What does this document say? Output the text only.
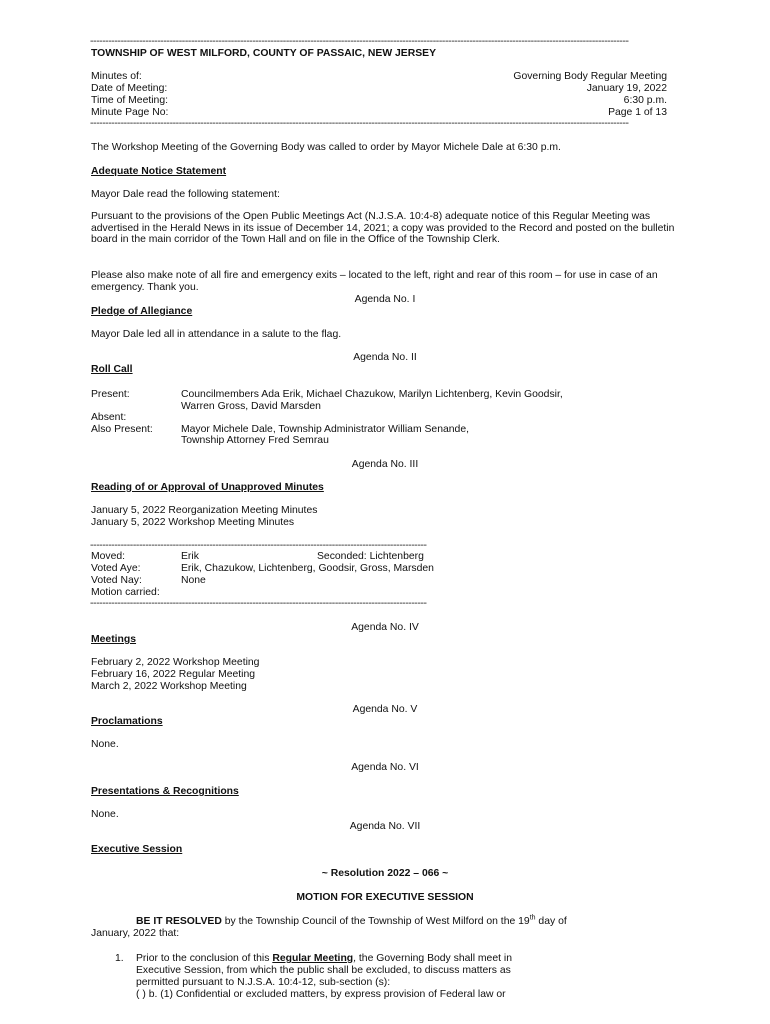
--------------------------------------------------------------------------------------------------------------------------------------------------------------------------------
TOWNSHIP OF WEST MILFORD, COUNTY OF PASSAIC, NEW JERSEY
Minutes of:	Governing Body Regular Meeting
Date of Meeting:	January 19, 2022
Time of Meeting:	6:30 p.m.
Minute Page No:	Page 1 of 13
--------------------------------------------------------------------------------------------------------------------------------------------------------------------------------
The Workshop Meeting of the Governing Body was called to order by Mayor Michele Dale at 6:30 p.m.
Adequate Notice Statement
Mayor Dale read the following statement:
Pursuant to the provisions of the Open Public Meetings Act (N.J.S.A. 10:4-8) adequate notice of this Regular Meeting was advertised in the Herald News in its issue of December 14, 2021; a copy was provided to the Record and posted on the bulletin board in the main corridor of the Town Hall and on file in the Office of the Township Clerk.
Please also make note of all fire and emergency exits – located to the left, right and rear of this room – for use in case of an emergency. Thank you.
Agenda No. I
Pledge of Allegiance
Mayor Dale led all in attendance in a salute to the flag.
Agenda No. II
Roll Call
Present:	Councilmembers Ada Erik, Michael Chazukow, Marilyn Lichtenberg, Kevin Goodsir,
Warren Gross, David Marsden
Absent:
Also Present:	Mayor Michele Dale, Township Administrator William Senande,
Township Attorney Fred Semrau
Agenda No. III
Reading of or Approval of Unapproved Minutes
January 5, 2022 Reorganization Meeting Minutes
January 5, 2022 Workshop Meeting Minutes
--------------------------------------------------------------------------------------------------------------
Moved:	Erik	Seconded: Lichtenberg
Voted Aye:	Erik, Chazukow, Lichtenberg, Goodsir, Gross, Marsden
Voted Nay:	None
Motion carried:
--------------------------------------------------------------------------------------------------------------
Agenda No. IV
Meetings
February 2, 2022 Workshop Meeting
February 16, 2022 Regular Meeting
March 2, 2022 Workshop Meeting
Agenda No. V
Proclamations
None.
Agenda No. VI
Presentations & Recognitions
None.
Agenda No. VII
Executive Session
~ Resolution 2022 – 066 ~
MOTION FOR EXECUTIVE SESSION
BE IT RESOLVED by the Township Council of the Township of West Milford on the 19th day of
January, 2022 that:
1. Prior to the conclusion of this Regular Meeting, the Governing Body shall meet in
Executive Session, from which the public shall be excluded, to discuss matters as
permitted pursuant to N.J.S.A. 10:4-12, sub-section (s):
( ) b. (1) Confidential or excluded matters, by express provision of Federal law or
